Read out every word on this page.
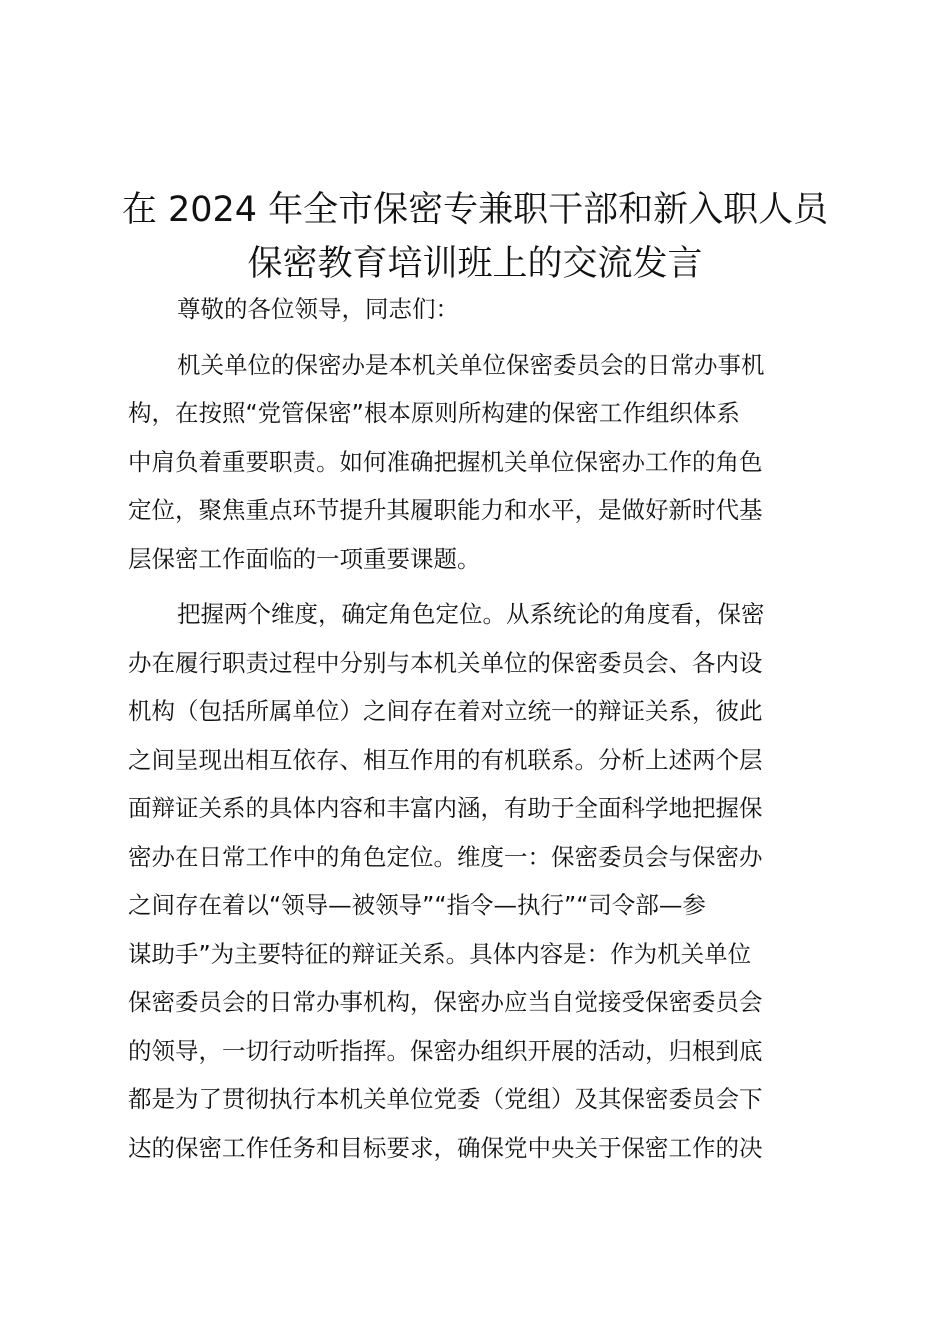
在 2024 年全市保密专兼职干部和新入职人员
保密教育培训班上的交流发言
尊敬的各位领导，同志们：
机关单位的保密办是本机关单位保密委员会的日常办事机
构，在按照“党管保密”根本原则所构建的保密工作组织体系
中肩负着重要职责。如何准确把握机关单位保密办工作的角色
定位，聚焦重点环节提升其履职能力和水平，是做好新时代基
层保密工作面临的一项重要课题。
把握两个维度，确定角色定位。从系统论的角度看，保密
办在履行职责过程中分别与本机关单位的保密委员会、各内设
机构（包括所属单位）之间存在着对立统一的辩证关系，彼此
之间呈现出相互依存、相互作用的有机联系。分析上述两个层
面辩证关系的具体内容和丰富内涵，有助于全面科学地把握保
密办在日常工作中的角色定位。维度一：保密委员会与保密办
之间存在着以“领导—被领导”“指令—执行”“司令部—参
谋助手”为主要特征的辩证关系。具体内容是：作为机关单位
保密委员会的日常办事机构，保密办应当自觉接受保密委员会
的领导，一切行动听指挥。保密办组织开展的活动，归根到底
都是为了贯彻执行本机关单位党委（党组）及其保密委员会下
达的保密工作任务和目标要求，确保党中央关于保密工作的决
